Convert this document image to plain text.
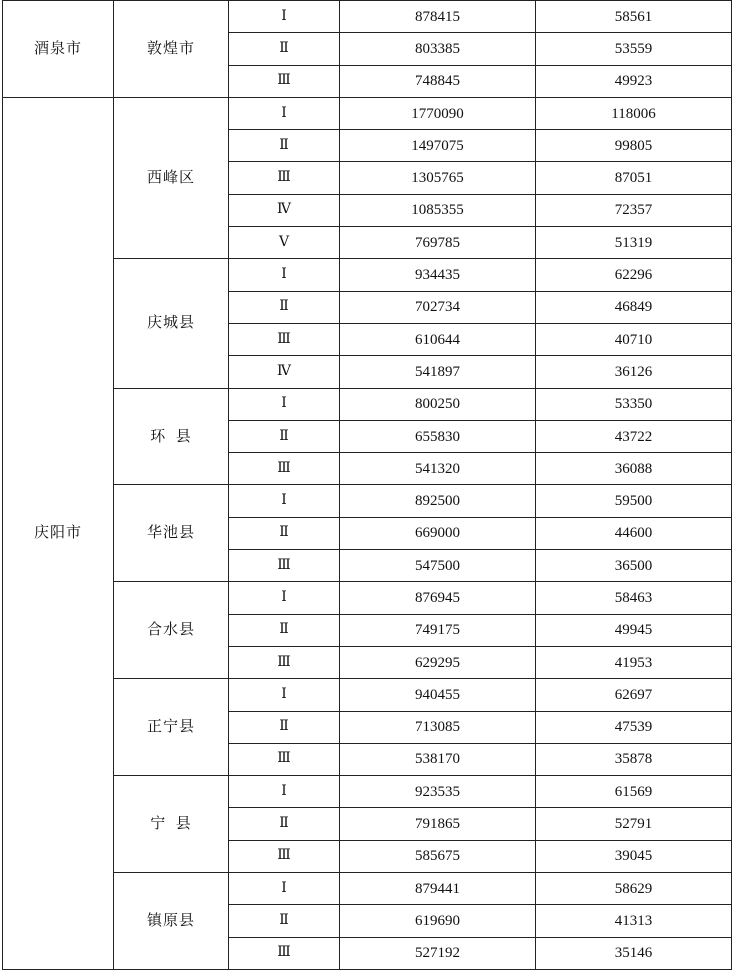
酒泉市	敦煌市	Ⅰ	878415	58561
		Ⅱ	803385	53559
		Ⅲ	748845	49923
庆阳市	西峰区	Ⅰ	1770090	118006
		Ⅱ	1497075	99805
		Ⅲ	1305765	87051
		Ⅳ	1085355	72357
		Ⅴ	769785	51319
	庆城县	Ⅰ	934435	62296
		Ⅱ	702734	46849
		Ⅲ	610644	40710
		Ⅳ	541897	36126
	环  县	Ⅰ	800250	53350
		Ⅱ	655830	43722
		Ⅲ	541320	36088
	华池县	Ⅰ	892500	59500
		Ⅱ	669000	44600
		Ⅲ	547500	36500
	合水县	Ⅰ	876945	58463
		Ⅱ	749175	49945
		Ⅲ	629295	41953
	正宁县	Ⅰ	940455	62697
		Ⅱ	713085	47539
		Ⅲ	538170	35878
	宁  县	Ⅰ	923535	61569
		Ⅱ	791865	52791
		Ⅲ	585675	39045
	镇原县	Ⅰ	879441	58629
		Ⅱ	619690	41313
		Ⅲ	527192	35146
